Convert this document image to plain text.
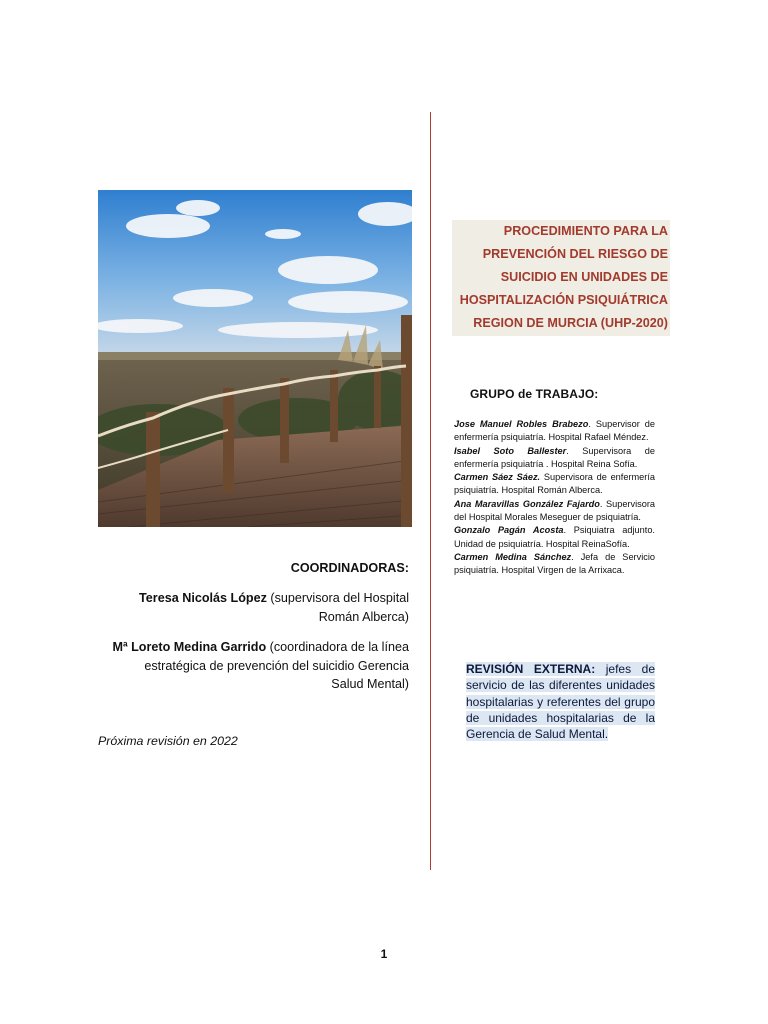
PROCEDIMIENTO PARA LA
PREVENCIÓN DEL RIESGO DE
SUICIDIO EN UNIDADES DE
HOSPITALIZACIÓN PSIQUIÁTRICA
REGION DE MURCIA (UHP-2020)
GRUPO de TRABAJO:

Jose Manuel Robles Brabezo. Supervisor de enfermería psiquiatría. Hospital Rafael Méndez.

Isabel Soto Ballester. Supervisora de enfermería psiquiatría . Hospital Reina Sofía.

Carmen Sáez Sáez. Supervisora de enfermería psiquiatría. Hospital Román Alberca.

Ana Maravillas González Fajardo. Supervisora del Hospital Morales Meseguer de psiquiatría.

Gonzalo Pagán Acosta. Psiquiatra adjunto. Unidad de psiquiatría. Hospital ReinaSofía.

Carmen Medina Sánchez. Jefa de Servicio psiquiatría. Hospital Virgen de la Arrixaca.

REVISIÓN EXTERNA: jefes de servicio de las diferentes unidades hospitalarias y referentes del grupo de unidades hospitalarias de la Gerencia de Salud Mental.
COORDINADORAS:
Teresa Nicolás López (supervisora del Hospital Román Alberca)
Mª Loreto Medina Garrido (coordinadora de la línea estratégica de prevención del suicidio Gerencia Salud Mental)
Próxima revisión en 2022
1
